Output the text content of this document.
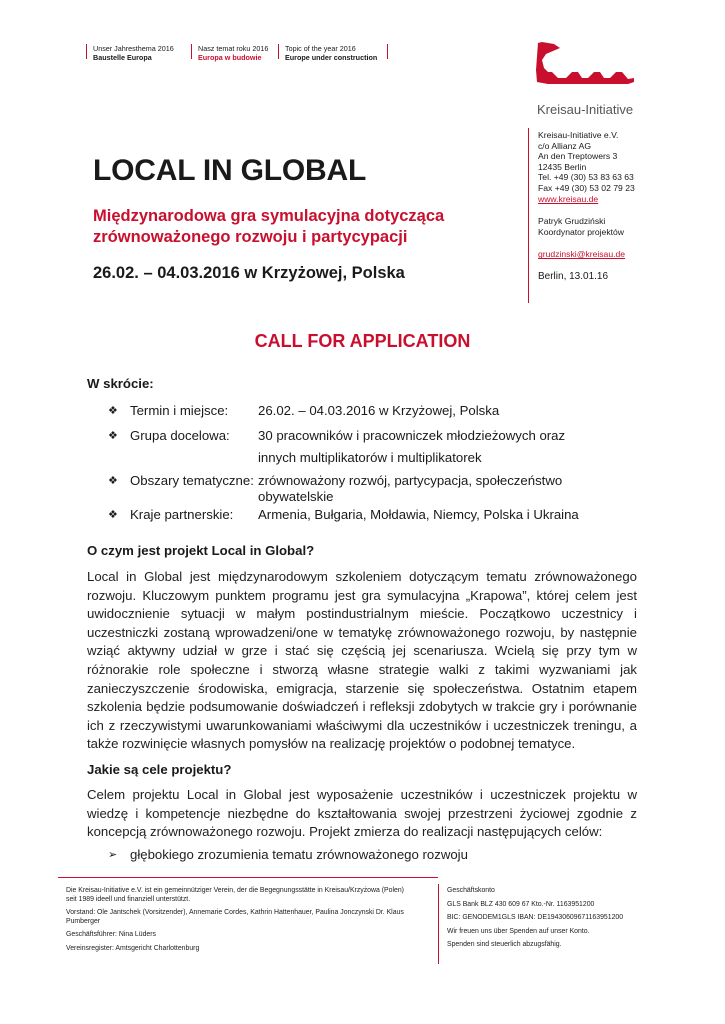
Unser Jahresthema 2016
Baustelle Europa
Nasz temat roku 2016
Europa w budowie
Topic of the year 2016
Europe under construction
Kreisau-Initiative
Kreisau-Initiative e.V.
c/o Allianz AG
An den Treptowers 3
12435 Berlin
Tel. +49 (30) 53 83 63 63
Fax +49 (30) 53 02 79 23
www.kreisau.de
Patryk Grudziński
Koordynator projektów
grudzinski@kreisau.de
Berlin, 13.01.16
LOCAL IN GLOBAL
Międzynarodowa gra symulacyjna dotycząca
zrównoważonego rozwoju i partycypacji
26.02. – 04.03.2016 w Krzyżowej, Polska
CALL FOR APPLICATION
W skrócie:
❖ Termin i miejsce: 26.02. – 04.03.2016 w Krzyżowej, Polska
❖ Grupa docelowa: 30 pracowników i pracowniczek młodzieżowych oraz
innych multiplikatorów i multiplikatorek
❖ Obszary tematyczne: zrównoważony rozwój, partycypacja, społeczeństwo
obywatelskie
❖ Kraje partnerskie: Armenia, Bułgaria, Mołdawia, Niemcy, Polska i Ukraina
O czym jest projekt Local in Global?
Local in Global jest międzynarodowym szkoleniem dotyczącym tematu zrównoważonego rozwoju. Kluczowym punktem programu jest gra symulacyjna „Krapowa”, której celem jest uwidocznienie sytuacji w małym postindustrialnym mieście. Początkowo uczestnicy i uczestniczki zostaną wprowadzeni/one w tematykę zrównoważonego rozwoju, by następnie wziąć aktywny udział w grze i stać się częścią jej scenariusza. Wcielą się przy tym w różnorakie role społeczne i stworzą własne strategie walki z takimi wyzwaniami jak zanieczyszczenie środowiska, emigracja, starzenie się społeczeństwa. Ostatnim etapem szkolenia będzie podsumowanie doświadczeń i refleksji zdobytych w trakcie gry i porównanie ich z rzeczywistymi uwarunkowaniami właściwymi dla uczestników i uczestniczek treningu, a także rozwinięcie własnych pomysłów na realizację projektów o podobnej tematyce.
Jakie są cele projektu?
Celem projektu Local in Global jest wyposażenie uczestników i uczestniczek projektu w wiedzę i kompetencje niezbędne do kształtowania swojej przestrzeni życiowej zgodnie z koncepcją zrównoważonego rozwoju. Projekt zmierza do realizacji następujących celów:
➢ głębokiego zrozumienia tematu zrównoważonego rozwoju

Die Kreisau-Initiative e.V. ist ein gemeinnütziger Verein, der die Begegnungsstätte in Kreisau/Krzyżowa (Polen) seit 1989 ideell und finanziell unterstützt.

Vorstand: Ole Jantschek (Vorsitzender), Annemarie Cordes, Kathrin Hattenhauer, Paulina Jonczynski Dr. Klaus Pumberger

Geschäftsführer: Nina Lüders

Vereinsregister: Amtsgericht Charlottenburg

Geschäftskonto

GLS Bank BLZ 430 609 67 Kto.-Nr. 1163951200

BIC: GENODEM1GLS IBAN: DE19430609671163951200

Wir freuen uns über Spenden auf unser Konto.

Spenden sind steuerlich abzugsfähig.
